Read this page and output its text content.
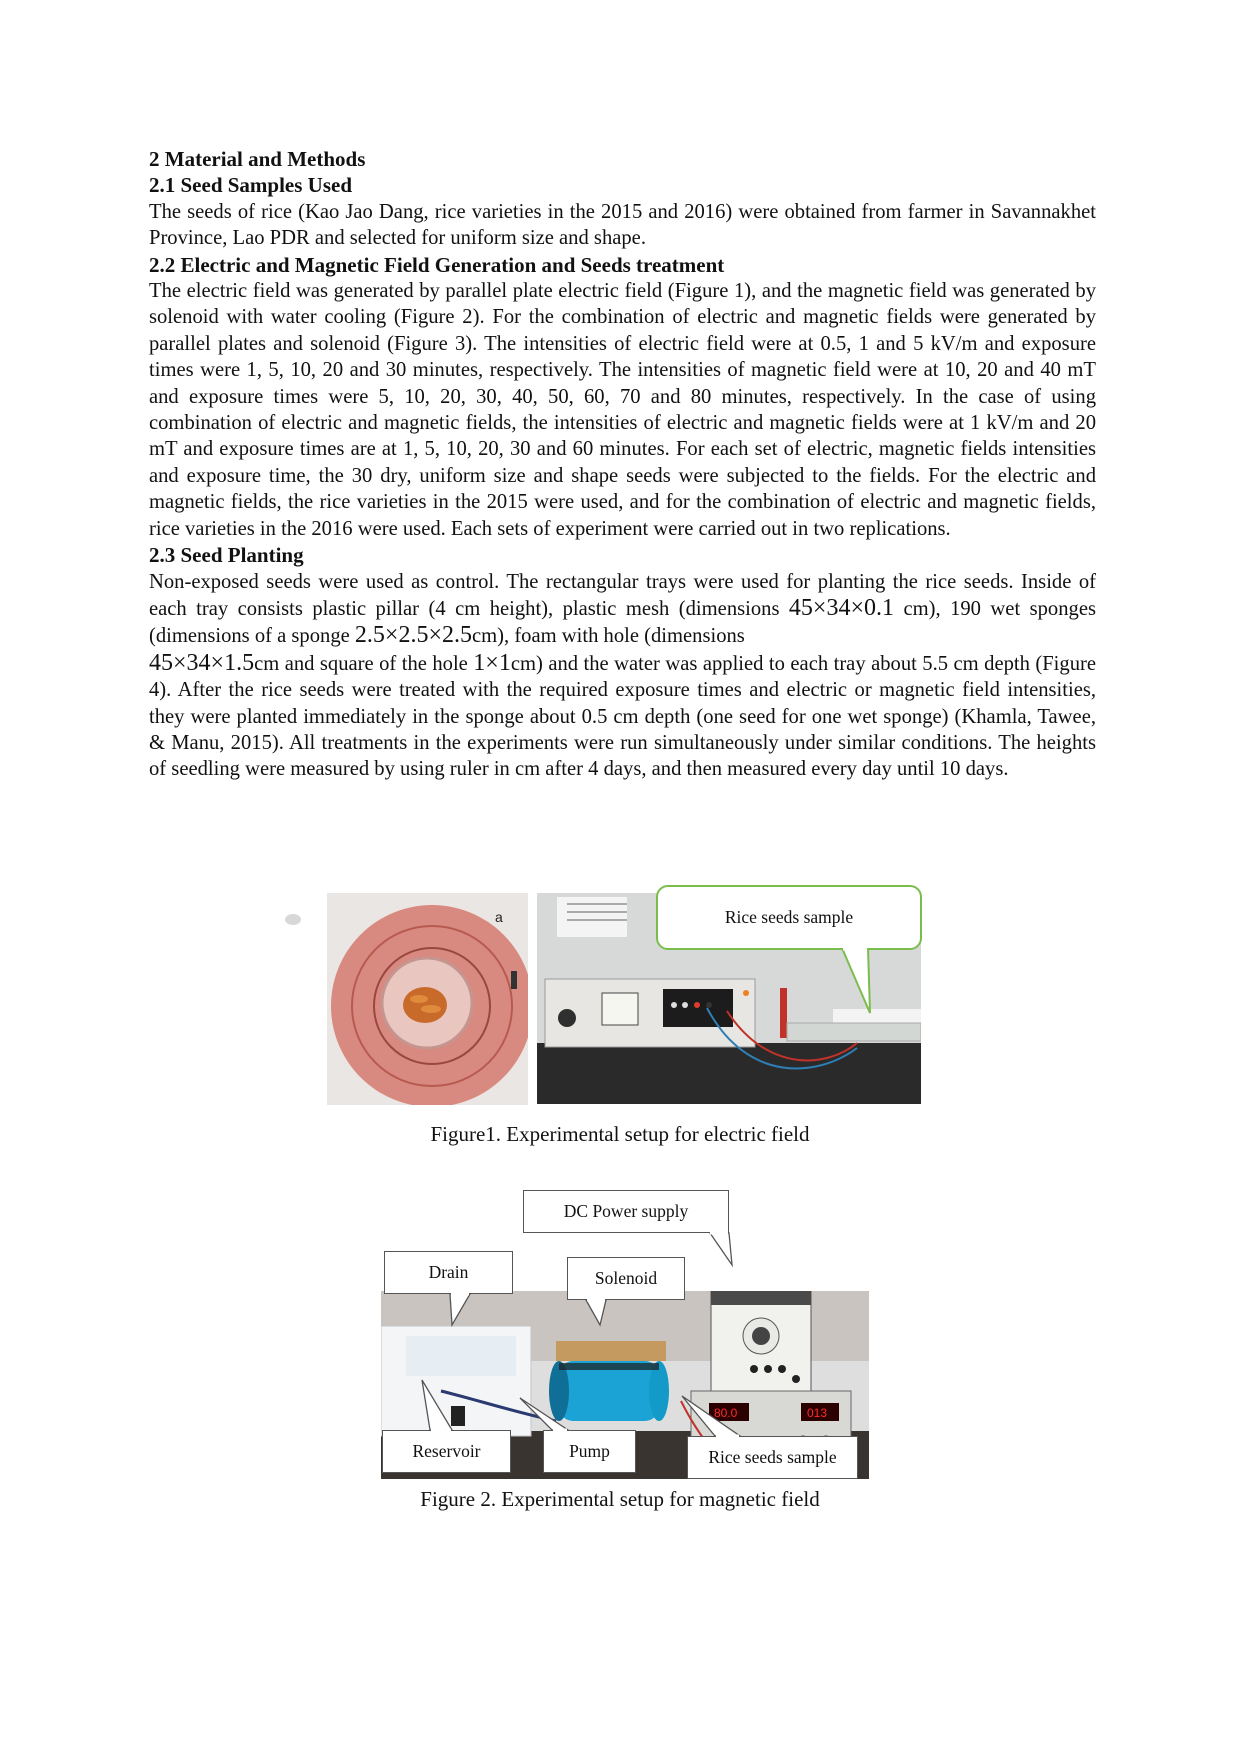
2 Material and Methods

2.1 Seed Samples Used

The seeds of rice (Kao Jao Dang, rice varieties in the 2015 and 2016) were obtained from farmer in Savannakhet Province, Lao PDR and selected for uniform size and shape.

2.2 Electric and Magnetic Field Generation and Seeds treatment

The electric field was generated by parallel plate electric field (Figure 1), and the magnetic field was generated by solenoid with water cooling (Figure 2). For the combination of electric and magnetic fields were generated by parallel plates and solenoid (Figure 3). The intensities of electric field were at 0.5, 1 and 5 kV/m and exposure times were 1, 5, 10, 20 and 30 minutes, respectively. The intensities of magnetic field were at 10, 20 and 40 mT and exposure times were 5, 10, 20, 30, 40, 50, 60, 70 and 80 minutes, respectively. In the case of using combination of electric and magnetic fields, the intensities of electric and magnetic fields were at 1 kV/m and 20 mT and exposure times are at 1, 5, 10, 20, 30 and 60 minutes. For each set of electric, magnetic fields intensities and exposure time, the 30 dry, uniform size and shape seeds were subjected to the fields. For the electric and magnetic fields, the rice varieties in the 2015 were used, and for the combination of electric and magnetic fields, rice varieties in the 2016 were used. Each sets of experiment were carried out in two replications.

2.3 Seed Planting

Non-exposed seeds were used as control. The rectangular trays were used for planting the rice seeds. Inside of each tray consists plastic pillar (4 cm height), plastic mesh (dimensions 45×34×0.1 cm), 190 wet sponges (dimensions of a sponge 2.5×2.5×2.5cm), foam with hole (dimensions
45×34×1.5cm and square of the hole 1×1cm) and the water was applied to each tray about 5.5 cm depth (Figure 4). After the rice seeds were treated with the required exposure times and electric or magnetic field intensities, they were planted immediately in the sponge about 0.5 cm depth (one seed for one wet sponge) (Khamla, Tawee, & Manu, 2015). All treatments in the experiments were run simultaneously under similar conditions. The heights of seedling were measured by using ruler in cm after 4 days, and then measured every day until 10 days.

a	Rice seeds sample
Figure1. Experimental setup for electric field
80.0	013
DC Power supply
Drain	Solenoid
Reservoir	Pump	Rice seeds sample
Figure 2. Experimental setup for magnetic field
